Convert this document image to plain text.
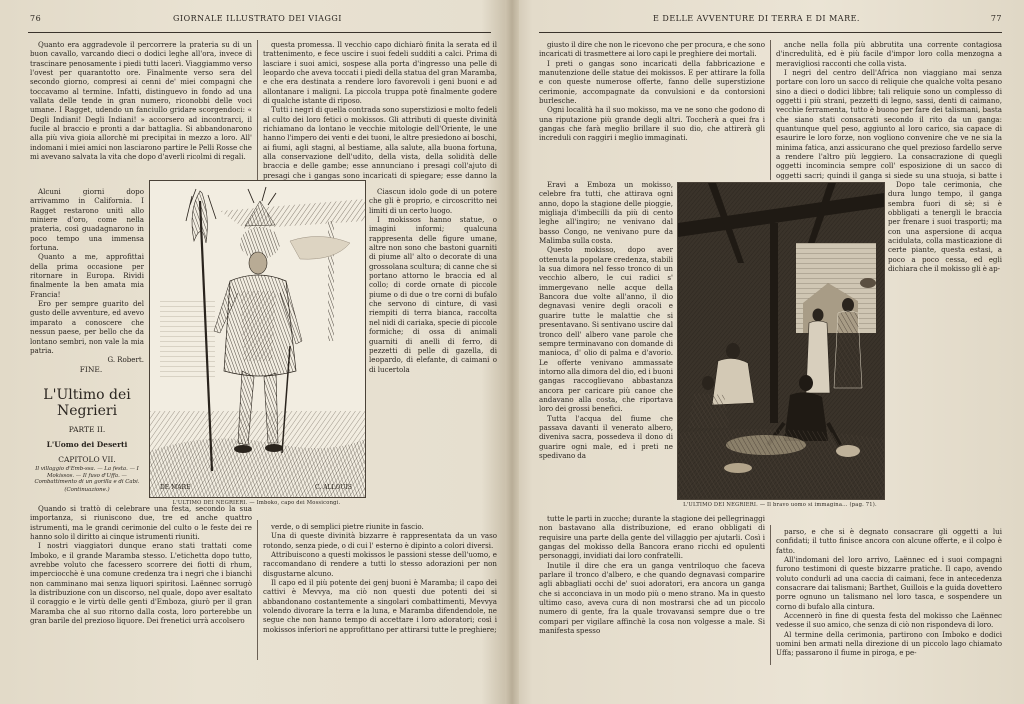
76	GIORNALE ILLUSTRATO DEI VIAGGI

Quanto era aggradevole il percorrere la prateria su di un buon cavallo, varcando dieci o dodici leghe all'ora, invece di trascinare penosamente i piedi tutti lacerì. Viaggiammo verso l'ovest per quarantotto ore. Finalmente verso sera del secondo giorno, compresi ai cenni de' miei compagni che toccavamo al termine. Infatti, distinguevo in fondo ad una vallata delle tende in gran numero, riconobbi delle voci umane. I Ragget, udendo un fanciullo gridare scorgendoci: « Degli Indiani! Degli Indiani! » accorsero ad incontrarci, il fucile al braccio e pronti a dar battaglia. Si abbandonarono alla più viva gioia allorchè mi precipitai in mezzo a loro. All' indomani i miei amici non lasciarono partire le Pelli Rosse che mi avevano salvata la vita che dopo d'averli ricolmi di regali.

Alcuni giorni dopo arrivammo in California. I Ragget restarono unitì allo miniere d'oro, come nella prateria, così guadagnarono in poco tempo una immensa fortuna.

Quanto a me, approfittai della prima occasione per ritornare in Europa. Rividi finalmente la ben amata mia Francia!

Ero per sempre guarito del gusto delle avventure, ed avevo imparato a conoscere che nessun paese, per bello che da lontano sembri, non vale la mia patria.

G. Robert.

FINE.

L'Ultimo dei Negrieri
PARTE II.
L'Uomo dei Deserti
CAPITOLO VII.
Il villaggio d'Emb-ssa. — La festa. — I Mokissos. — Il fuso d'Uffa. — Combattimento di un gorilla e di Cabi.
(Continuazione.)

Quando si trattò di celebrare una festa, secondo la sua importanza, si riuniscono due, tre ed anche quattro istrumenti, ma le grandi cerimonie del culto o le feste dei re hanno solo il diritto ai cinque istrumenti riuniti.

I nostri viaggiatori dunque erano stati trattati come Imboko, e il grande Maramba stesso. L'etichetta dopo tutto, avrebbe voluto che facessero scorrere dei fiotti di rhum, imperciocchè è una comune credenza tra i negri che i bianchi non camminano mai senza liquori spiritosi. Laënnec sorrugò la distribuzione con un discorso, nel quale, dopo aver esaltato il coraggio e le virtù delle genti d'Emboza, giurò per il gran Maramba che al suo ritorno dalla costa, loro porterebbe un gran barile del prezioso liquore. Dei frenetici urrà accolsero

questa promessa. Il vecchio capo dichiarò finita la serata ed il trattenimento, e fece uscire i suoi fedeli sudditi a calci. Prima di lasciare i suoi amici, sospese alla porta d'ingresso una pelle di leopardo che aveva toccati i piedi della statua del gran Maramba, e che era destinata a rendere loro favorevoli i geni buoni e ad allontanare i maligni. La piccola truppa potè finalmente godere di qualche istante di riposo.

Tutti i negri di quella contrada sono superstiziosi e molto fedeli al culto dei loro fetici o mokissos. Gli attributi di queste divinità richiamano da lontano le vecchie mitologie dell'Oriente, le une hanno l'impero dei venti e dei tuoni, le altre presiedono ai boschi, ai fiumi, agli stagni, al bestiame, alla salute, alla buona fortuna, alla conservazione dell'udito, della vista, della solidità delle braccia e delle gambe; esse annunciano i presagi coll'ajuto di presagi che i gangas sono incaricati di spiegare; esse danno la

Ciascun idolo gode di un potere che gli è proprio, e circoscritto nei limiti di un certo luogo.

I mokissos hanno statue, o imagini informi; qualcuna rappresenta delle figure umane, altre non sono che bastoni guarniti di piume all' alto o decorate di una grossolana scultura; di canne che si portano attorno le braccia ed al collo; di corde ornate di piccole piume o di due o tre corni di bufalo che servono di cinture, di vasi riempiti di terra bianca, raccolta nel nidi di cariaka, specie di piccole formiche; di ossa di animali guarniti di anelli di ferro, di pezzetti di pelle di gazella, di leopardo, di elefante, di caimani o di lucertola

verde, o di semplici pietre riunite in fascio.

Una di queste divinità bizzarre è rappresentata da un vaso rotondo, senza piede, o di cui l' esterno è dipinto a colori diversi.

Attribuiscono a questi mokissos le passioni stesse dell'uomo, e raccomandano di rendere a tutti lo stesso adorazioni per non disgustarne alcuno.

Il capo ed il più potente dei genj buoni è Maramba; il capo dei cattivi è Mevvya, ma ciò non questi due potenti dei si abbandonano costantemente a singolari combattimenti, Mevvya volendo divorare la terra e la luna, e Maramba difendendole, ne segue che non hanno tempo di accettare i loro adoratori; così i mokissos inferiori ne approfittano per attirarsi tutte le preghiere;

DE MARE	C. ALLOUIS
L'ULTIMO DEI NEGRIERI. — Imboko, capo dei Mossicongi.
E DELLE AVVENTURE DI TERRA E DI MARE.	77

giusto il dire che non le ricevono che per procura, e che sono incaricati di trasmettere ai loro capi le preghiere dei mortali.

I preti o gangas sono incaricati della fabbricazione e manutenzione delle statue dei mokissos. E per attirare la folla e con queste numerose offerte, fanno delle superstizione cerimonie, accompagnate da convulsioni e da contorsioni burlesche.

Ogni località ha il suo mokisso, ma ve ne sono che godono di una riputazione più grande degli altri. Toccherà a quei fra i gangas che farà meglio brillare il suo dio, che attirerà gli increduli con raggiri i meglio immaginati.

Eravi a Emboza un mokisso, celebre fra tutti, che attirava ogni anno, dopo la stagione delle pioggie, migliaja d'imbecilli da più di cento leghe all'ingiro; ne venivano dal basso Congo, ne venivano pure da Malimba sulla costa.

Questo mokisso, dopo aver ottenuta la popolare credenza, stabili la sua dimora nel fesso tronco di un vecchio albero, le cui radici s' immergevano nelle acque della Bancora due volte all'anno, il dio degnavasi venire degli oracoli e guarire tutte le malattie che si presentavano. Si sentivano uscire dal tronco dell' albero vane parole che sempre terminavano con domande di manioca, d' olio di palma e d'avorio. Le offerte venivano ammassate intorno alla dimora del dio, ed i buoni gangas raccoglievano abbastanza ancora per caricare più canoe che andavano alla costa, che riportava loro dei grossi benefici.

Tutta l'acqua del fiume che passava davanti il venerato albero, diveniva sacra, possedeva il dono di guarire ogni male, ed i preti ne spedivano da

tutte le parti in zucche; durante la stagione dei pellegrinaggi non bastavano alla distribuzione, ed erano obbligati di requisire una parte della gente del villaggio per ajutarli. Così i gangas del mokisso della Bancora erano ricchi ed opulenti personaggi, invidiati dai loro confratelli.

Inutile il dire che era un ganga ventriloquo che faceva parlare il tronco d'albero, e che quando degnavasi comparire agli abbagliati occhi de' suoi adoratori, era ancora un ganga che si acconciava in un modo più o meno strano. Ma in questo ultimo caso, aveva cura di non mostrarsi che ad un piccolo numero di gente, fra la quale trovavansi sempre due o tre compari per vigilare affinchè la cosa non volgesse a male. Si manifesta spesso

anche nella folla più abbrutita una corrente contagiosa d'incredulità, ed è più facile d'impor loro colla menzogna a meravigliosi racconti che colla vista.

I negri del centro dell'Africa non viaggiano mai senza portare con loro un sacco di reliquie che qualche volta pesano sino a dieci o dodici libbre; tali reliquie sono un complesso di oggetti i più strani, pezzetti di legno, sassi, denti di caimano, vecchie ferramenta, tutto è buono per fare dei talismani, basta che siano stati consacrati secondo il rito da un ganga: quantunque quel peso, aggiunto al loro carico, sia capace di esaurire le loro forze, non vogliono convenire che ve ne sia la minima fatica, anzi assicurano che quel prezioso fardello serve a rendere l'altro più leggiero. La consacrazione di quegli oggetti incomincia sempre coll' esposizione di un sacco di oggetti sacri; quindi il ganga si siede su una stuoja, si batte i

Dopo tale cerimonia, che dura lungo tempo, il ganga sembra fuori di sè; si è obbligati a tenergli le braccia per frenare i suoi trasporti; ma con una aspersione di acqua acidulata, colla masticazione di certe piante, questa estasi, a poco a poco cessa, ed egli dichiara che il mokisso gli è ap-

parso, e che si è degnato consacrare gli oggetti a lui confidati; il tutto finisce ancora con alcune offerte, e il colpo è fatto.

All'indomani del loro arrivo, Laënnec ed i suoi compagni furono testimoni di queste bizzarre pratiche. Il capo, avendo voluto condurli ad una caccia di caimani, fece in antecedenza consacrare dai talismani; Barthet, Guillois e la guida dovettero porre ognuno un talismano nel loro tasca, e sospendere un corno di bufalo alla cintura.

Accennerò in fine di questa festa del mokisso che Laënnec vedesse il suo amico, che senza di ciò non rispondeva di loro.

Al termine della cerimonia, partirono con Imboko e dodici uomini ben armati nella direzione di un piccolo lago chiamato Uffa; passarono il fiume in piroga, e pe-

L'ULTIMO DEI NEGRIERI. — Il bravo uomo si immagina... (pag. 71).
